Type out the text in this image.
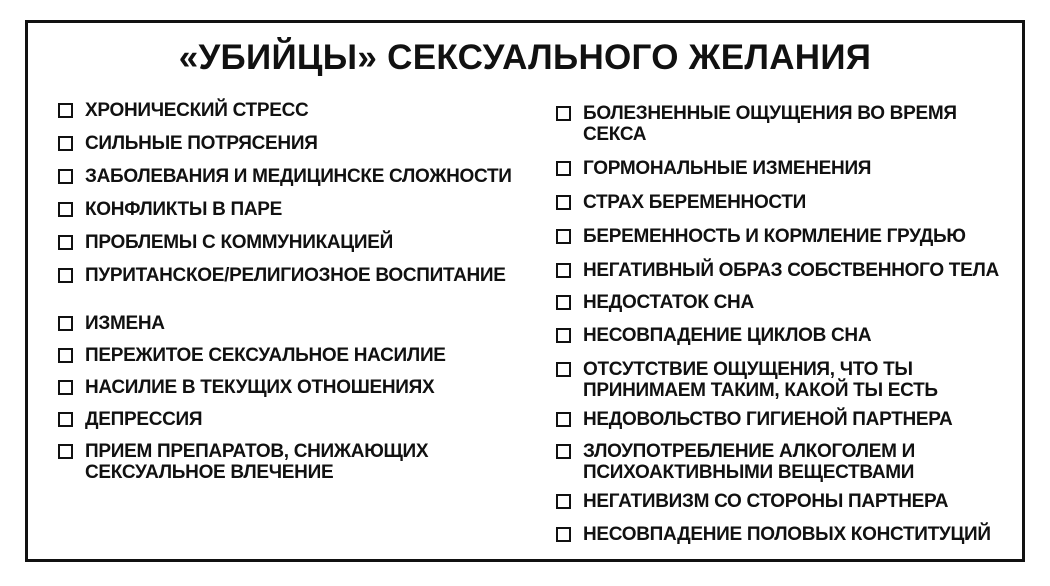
«УБИЙЦЫ» СЕКСУАЛЬНОГО ЖЕЛАНИЯ
ХРОНИЧЕСКИЙ СТРЕСС
СИЛЬНЫЕ ПОТРЯСЕНИЯ
ЗАБОЛЕВАНИЯ И МЕДИЦИНСКЕ СЛОЖНОСТИ
КОНФЛИКТЫ В ПАРЕ
ПРОБЛЕМЫ С КОММУНИКАЦИЕЙ
ПУРИТАНСКОЕ/РЕЛИГИОЗНОЕ ВОСПИТАНИЕ
ИЗМЕНА
ПЕРЕЖИТОЕ СЕКСУАЛЬНОЕ НАСИЛИЕ
НАСИЛИЕ В ТЕКУЩИХ ОТНОШЕНИЯХ
ДЕПРЕССИЯ
ПРИЕМ ПРЕПАРАТОВ, СНИЖАЮЩИХ
СЕКСУАЛЬНОЕ ВЛЕЧЕНИЕ
БОЛЕЗНЕННЫЕ ОЩУЩЕНИЯ ВО ВРЕМЯ
СЕКСА
ГОРМОНАЛЬНЫЕ ИЗМЕНЕНИЯ
СТРАХ БЕРЕМЕННОСТИ
БЕРЕМЕННОСТЬ И КОРМЛЕНИЕ ГРУДЬЮ
НЕГАТИВНЫЙ ОБРАЗ СОБСТВЕННОГО ТЕЛА
НЕДОСТАТОК СНА
НЕСОВПАДЕНИЕ ЦИКЛОВ СНА
ОТСУТСТВИЕ ОЩУЩЕНИЯ, ЧТО ТЫ
ПРИНИМАЕМ ТАКИМ, КАКОЙ ТЫ ЕСТЬ
НЕДОВОЛЬСТВО ГИГИЕНОЙ ПАРТНЕРА
ЗЛОУПОТРЕБЛЕНИЕ АЛКОГОЛЕМ И
ПСИХОАКТИВНЫМИ ВЕЩЕСТВАМИ
НЕГАТИВИЗМ СО СТОРОНЫ ПАРТНЕРА
НЕСОВПАДЕНИЕ ПОЛОВЫХ КОНСТИТУЦИЙ
